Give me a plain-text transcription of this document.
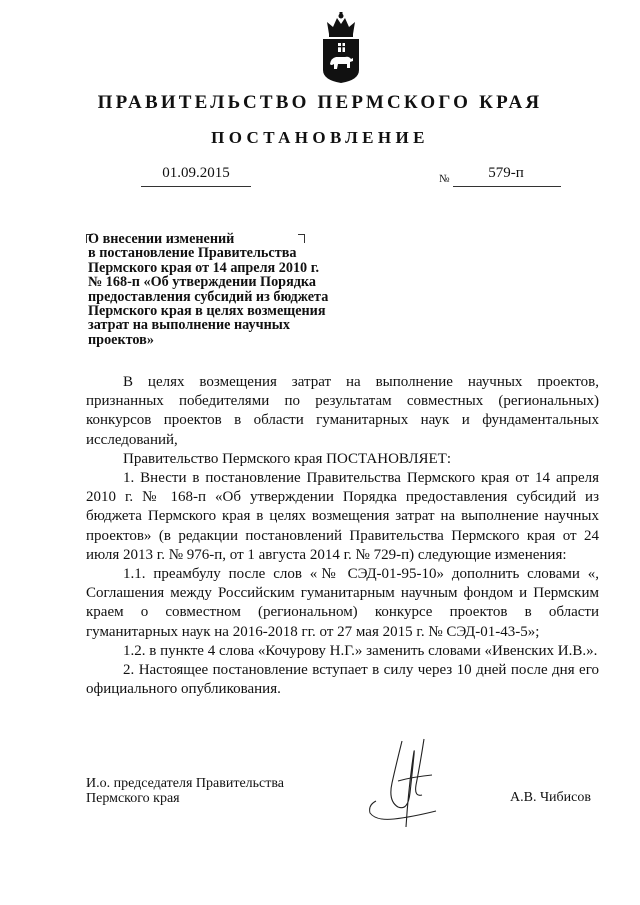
ПРАВИТЕЛЬСТВО ПЕРМСКОГО КРАЯ
ПОСТАНОВЛЕНИЕ
01.09.2015	№	579-п
О внесении изменений
в постановление Правительства
Пермского края от 14 апреля 2010 г.
№ 168-п «Об утверждении Порядка
предоставления субсидий из бюджета
Пермского края в целях возмещения
затрат на выполнение научных
проектов»

В целях возмещения затрат на выполнение научных проектов, признанных победителями по результатам совместных (региональных) конкурсов проектов в области гуманитарных наук и фундаментальных исследований,

Правительство Пермского края ПОСТАНОВЛЯЕТ:

1. Внести в постановление Правительства Пермского края от 14 апреля 2010 г. № 168-п «Об утверждении Порядка предоставления субсидий из бюджета Пермского края в целях возмещения затрат на выполнение научных проектов» (в редакции постановлений Правительства Пермского края от 24 июля 2013 г. № 976-п, от 1 августа 2014 г. № 729-п) следующие изменения:

1.1. преамбулу после слов «№ СЭД-01-95-10» дополнить словами «, Соглашения между Российским гуманитарным научным фондом и Пермским краем о совместном (региональном) конкурсе проектов в области гуманитарных наук на 2016-2018 гг. от 27 мая 2015 г. № СЭД-01-43-5»;

1.2. в пункте 4 слова «Кочурову Н.Г.» заменить словами «Ивенских И.В.».

2. Настоящее постановление вступает в силу через 10 дней после дня его официального опубликования.

И.о. председателя Правительства
Пермского края	А.В. Чибисов
